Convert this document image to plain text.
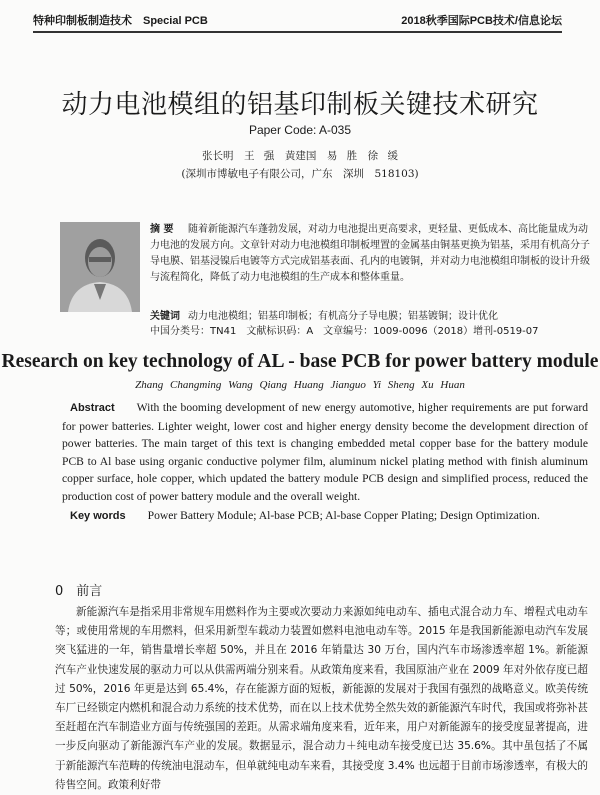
特种印制板制造技术　Special PCB	2018秋季国际PCB技术/信息论坛
动力电池模组的铝基印制板关键技术研究
Paper Code: A-035
张长明　王 强　黄建国　易 胜　徐 缓
(深圳市博敏电子有限公司，广东　深圳　518103)
摘 要 随着新能源汽车蓬勃发展，对动力电池提出更高要求，更轻量、更低成本、高比能量成为动力电池的发展方向。文章针对动力电池模组印制板埋置的金属基由铜基更换为铝基，采用有机高分子导电膜、铝基浸镍后电镀等方式完成铝基表面、孔内的电镀铜，并对动力电池模组印制板的设计升级与流程简化，降低了动力电池模组的生产成本和整体重量。
关键词 动力电池模组；铝基印制板；有机高分子导电膜；铝基镀铜；设计优化
中国分类号：TN41　文献标识码：A　文章编号：1009-0096（2018）增刊-0519-07
Research on key technology of AL - base PCB for power battery module
Zhang Changming Wang Qiang Huang Jianguo Yi Sheng Xu Huan

Abstract With the booming development of new energy automotive, higher requirements are put forward for power batteries. Lighter weight, lower cost and higher energy density become the development direction of power batteries. The main target of this text is changing embedded metal copper base for the battery module PCB to Al base using organic conductive polymer film, aluminum nickel plating method with finish aluminum copper surface, hole copper, which updated the battery module PCB design and simplified process, reduced the production cost of power battery module and the overall weight.

Key words Power Battery Module; Al-base PCB; Al-base Copper Plating; Design Optimization.

0　前言
新能源汽车是指采用非常规车用燃料作为主要或次要动力来源如纯电动车、插电式混合动力车、增程式电动车等；或使用常规的车用燃料，但采用新型车载动力装置如燃料电池电动车等。2015 年是我国新能源电动汽车发展突飞猛进的一年，销售量增长率超 50%，并且在 2016 年销量达 30 万台，国内汽车市场渗透率超 1%。新能源汽车产业快速发展的驱动力可以从供需两端分别来看。从政策角度来看，我国原油产业在 2009 年对外依存度已超过 50%，2016 年更是达到 65.4%，存在能源方面的短板，新能源的发展对于我国有强烈的战略意义。欧美传统车厂已经锁定内燃机和混合动力系统的技术优势，而在以上技术优势全然失效的新能源汽车时代，我国或将弥补甚至赶超在汽车制造业方面与传统强国的差距。从需求端角度来看，近年来，用户对新能源车的接受度显著提高，进一步反向驱动了新能源汽车产业的发展。数据显示，混合动力＋纯电动车接受度已达 35.6%。其中虽包括了不属于新能源汽车范畴的传统油电混动车，但单就纯电动车来看，其接受度 3.4% 也远超于目前市场渗透率，有极大的待售空间。政策利好带
